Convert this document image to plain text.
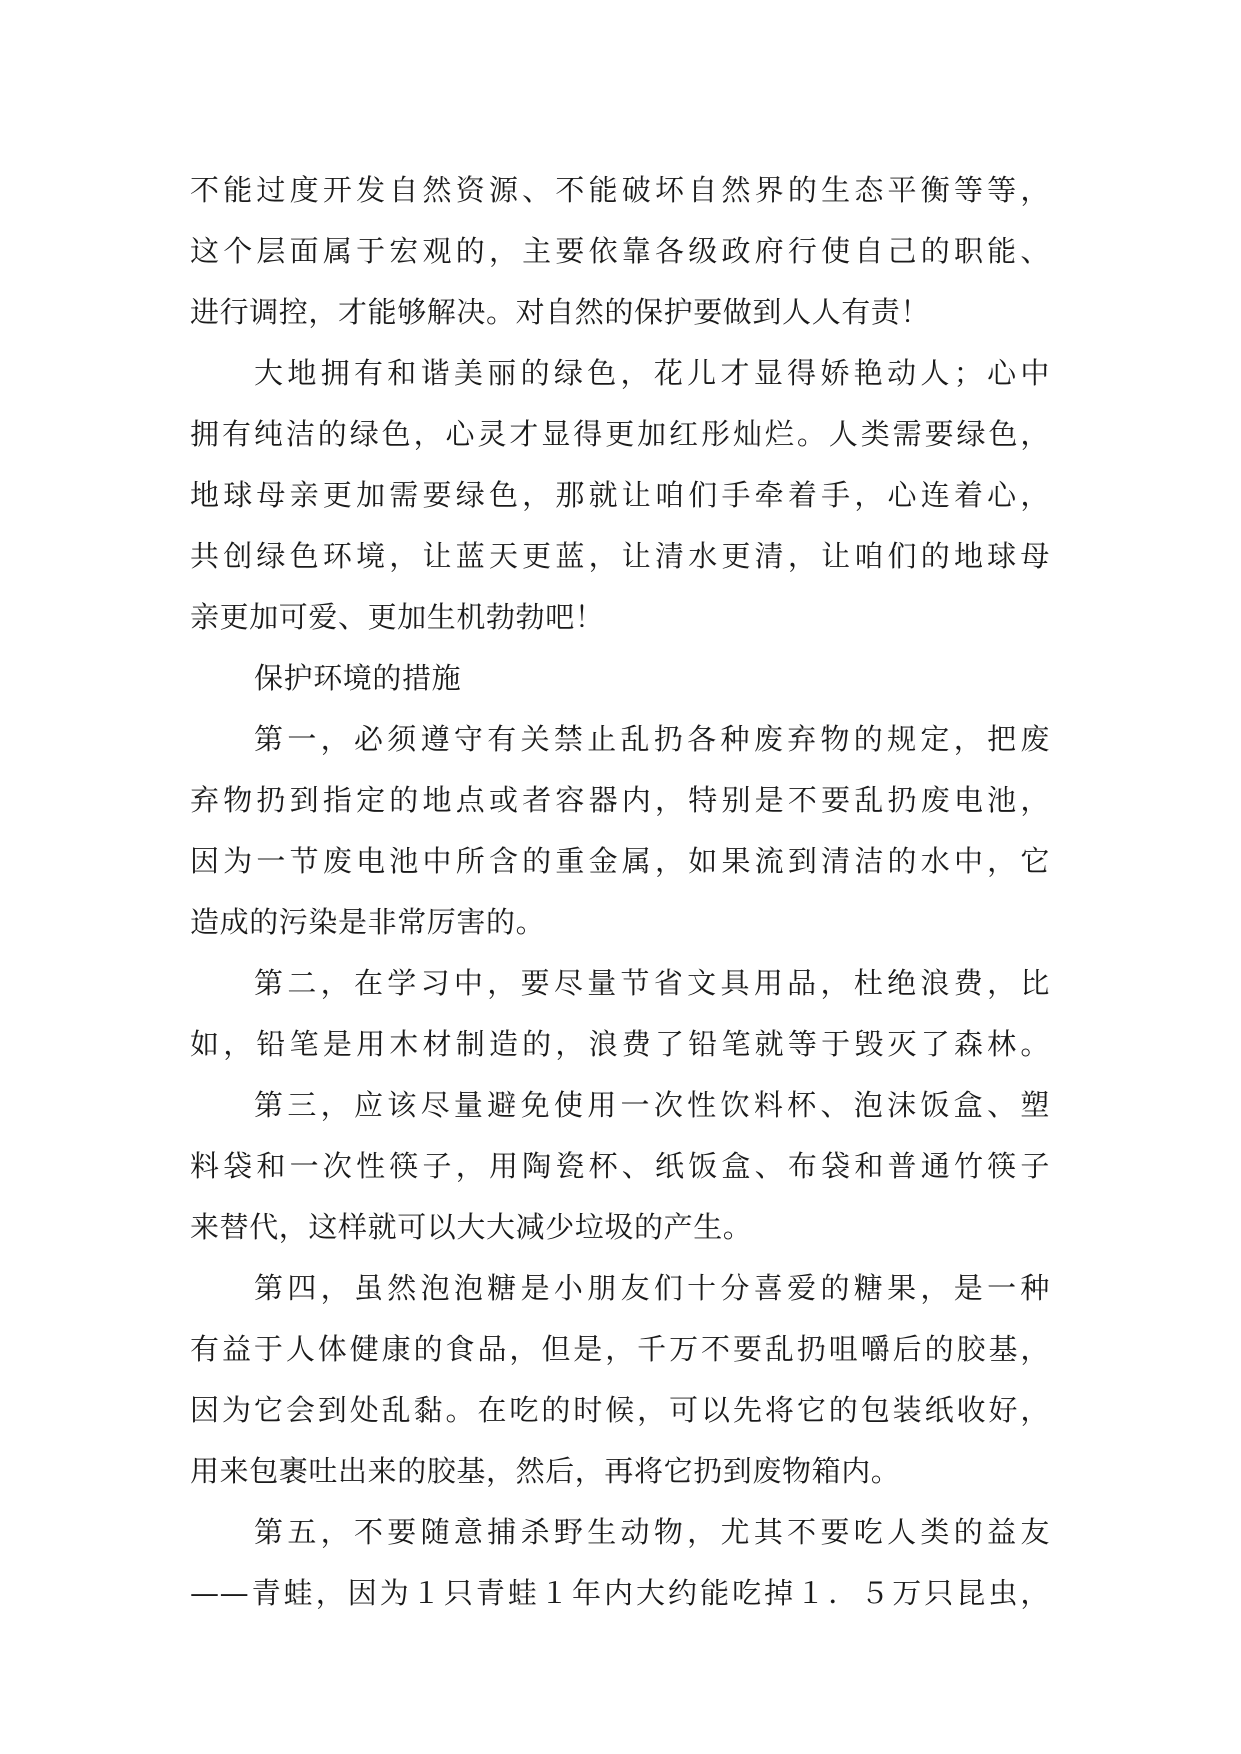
不能过度开发自然资源、不能破坏自然界的生态平衡等等，
这个层面属于宏观的，主要依靠各级政府行使自己的职能、
进行调控，才能够解决。对自然的保护要做到人人有责！
大地拥有和谐美丽的绿色，花儿才显得娇艳动人；心中
拥有纯洁的绿色，心灵才显得更加红彤灿烂。人类需要绿色，
地球母亲更加需要绿色，那就让咱们手牵着手，心连着心，
共创绿色环境，让蓝天更蓝，让清水更清，让咱们的地球母
亲更加可爱、更加生机勃勃吧！
保护环境的措施
第一，必须遵守有关禁止乱扔各种废弃物的规定，把废
弃物扔到指定的地点或者容器内，特别是不要乱扔废电池，
因为一节废电池中所含的重金属，如果流到清洁的水中，它
造成的污染是非常厉害的。
第二，在学习中，要尽量节省文具用品，杜绝浪费，比
如，铅笔是用木材制造的，浪费了铅笔就等于毁灭了森林。
第三，应该尽量避免使用一次性饮料杯、泡沫饭盒、塑
料袋和一次性筷子，用陶瓷杯、纸饭盒、布袋和普通竹筷子
来替代，这样就可以大大减少垃圾的产生。
第四，虽然泡泡糖是小朋友们十分喜爱的糖果，是一种
有益于人体健康的食品，但是，千万不要乱扔咀嚼后的胶基，
因为它会到处乱黏。在吃的时候，可以先将它的包装纸收好，
用来包裹吐出来的胶基，然后，再将它扔到废物箱内。
第五，不要随意捕杀野生动物，尤其不要吃人类的益友
——青蛙，因为１只青蛙１年内大约能吃掉１．５万只昆虫，
